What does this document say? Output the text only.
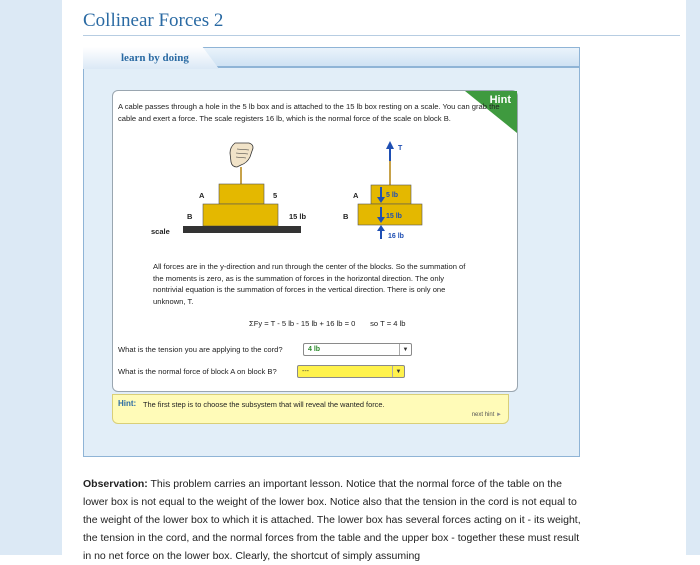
Collinear Forces 2
learn by doing
Hint
A cable passes through a hole in the 5 lb box and is attached to the 15 lb box resting on a scale. You can grab the cable and exert a force. The scale registers 16 lb, which is the normal force of the scale on block B.
A	5
B	15 lb
scale
T
A
B
5 lb
15 lb
16 lb
All forces are in the y-direction and run through the center of the blocks. So the summation of the moments is zero, as is the summation of forces in the horizontal direction. The only nontrivial equation is the summation of forces in the vertical direction. There is only one unknown, T.
ΣFy = T - 5 lb - 15 lb + 16 lb = 0       so T = 4 lb
What is the tension you are applying to the cord?	4 lb	▼
What is the normal force of block A on block B?	---	▼
Hint: The first step is to choose the subsystem that will reveal the wanted force.
next hint ►
Observation: This problem carries an important lesson. Notice that the normal force of the table on the lower box is not equal to the weight of the lower box. Notice also that the tension in the cord is not equal to the weight of the lower box to which it is attached. The lower box has several forces acting on it - its weight, the tension in the cord, and the normal forces from the table and the upper box - together these must result in no net force on the lower box. Clearly, the shortcut of simply assuming
